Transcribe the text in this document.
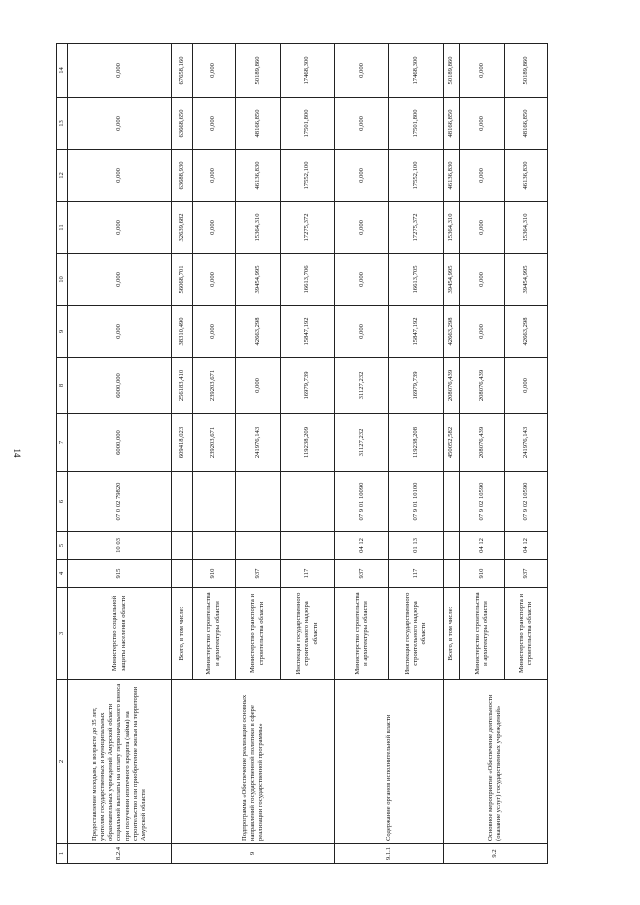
14
1	2	3	4	5	6	7	8	9	10	11	12	13	14
8.2.4	Предоставление молодым, в возрасте до 35 лет, учителям государственных и муниципальных образовательных учреждений Амурской области социальной выплаты на оплату первоначального взноса при получении ипотечного кредита (займа) на строительство или приобретение жилья на территории Амурской области	Министерство социальной защиты населения области	915	10 03	07 0 02 79820	6000,000	6000,000	0,000	0,000	0,000	0,000	0,000	0,000
9	Подпрограмма «Обеспечение реализации основных направлений государственной политики в сфере реализации государственной программы»	Всего, в том числе:				609418,023	256183,410	38310,490	56068,701	32639,682	63688,930	63668,650	67658,160
		Министерство строительства и архитектуры области	910			239203,671	239203,671	0,000	0,000	0,000	0,000	0,000	0,000
		Министерство транспорта и строительства области	937			241976,143	0,000	42663,298	39454,995	15364,310	46136,830	48166,850	50189,860
		Инспекция государственного строительного надзора области	117			119238,209	16979,739	15847,192	16613,706	17275,372	17552,100	17501,800	17468,300
9.1.1	Содержание органов исполнительной власти	Министерство строительства и архитектуры области	937	04 12	07 9 01 10090	31127,232	31127,232	0,000	0,000	0,000	0,000	0,000	0,000
		Инспекция государственного строительного надзора области	117	01 13	07 9 01 10100	119238,208	16979,739	15847,192	16613,705	17275,372	17552,100	17501,800	17468,300
9.2	Основное мероприятие «Обеспечение деятельности (оказание услуг) государственных учреждений»	Всего, в том числе:				450052,582	208076,439	42663,298	39454,995	15364,310	46136,830	48166,850	50189,860
		Министерство строительства и архитектуры области	910	04 12	07 9 02 10590	208076,439	208076,439	0,000	0,000	0,000	0,000	0,000	0,000
		Министерство транспорта и строительства области	937	04 12	07 9 02 10590	241976,143	0,000	42663,298	39454,995	15364,310	46136,830	48166,850	50189,860
